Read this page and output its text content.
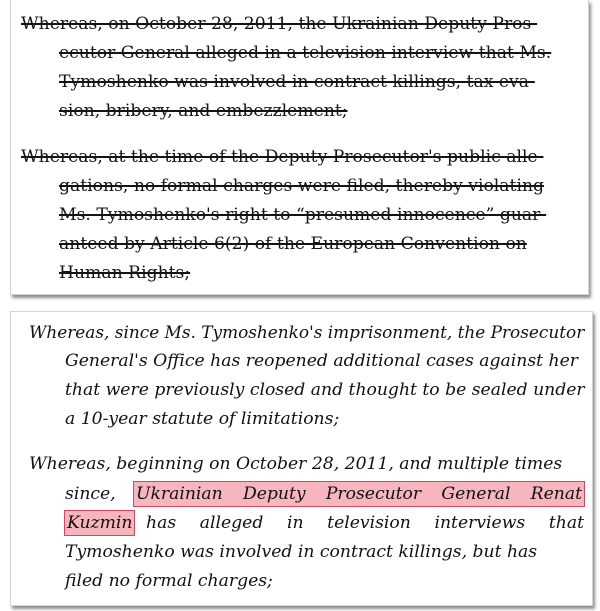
Whereas, on October 28, 2011, the Ukrainian Deputy Pros-
ecutor General alleged in a television interview that Ms.
Tymoshenko was involved in contract killings, tax eva-
sion, bribery, and embezzlement;
Whereas, at the time of the Deputy Prosecutor's public alle-
gations, no formal charges were filed, thereby violating
Ms. Tymoshenko's right to “presumed innocence” guar-
anteed by Article 6(2) of the European Convention on
Human Rights;
Whereas, since Ms. Tymoshenko's imprisonment, the Prosecutor
General's Office has reopened additional cases against her
that were previously closed and thought to be sealed under
a 10-year statute of limitations;
Whereas, beginning on October 28, 2011, and multiple times
since, Ukrainian Deputy Prosecutor General Renat
Kuzmin has alleged in television interviews that
Tymoshenko was involved in contract killings, but has
filed no formal charges;
